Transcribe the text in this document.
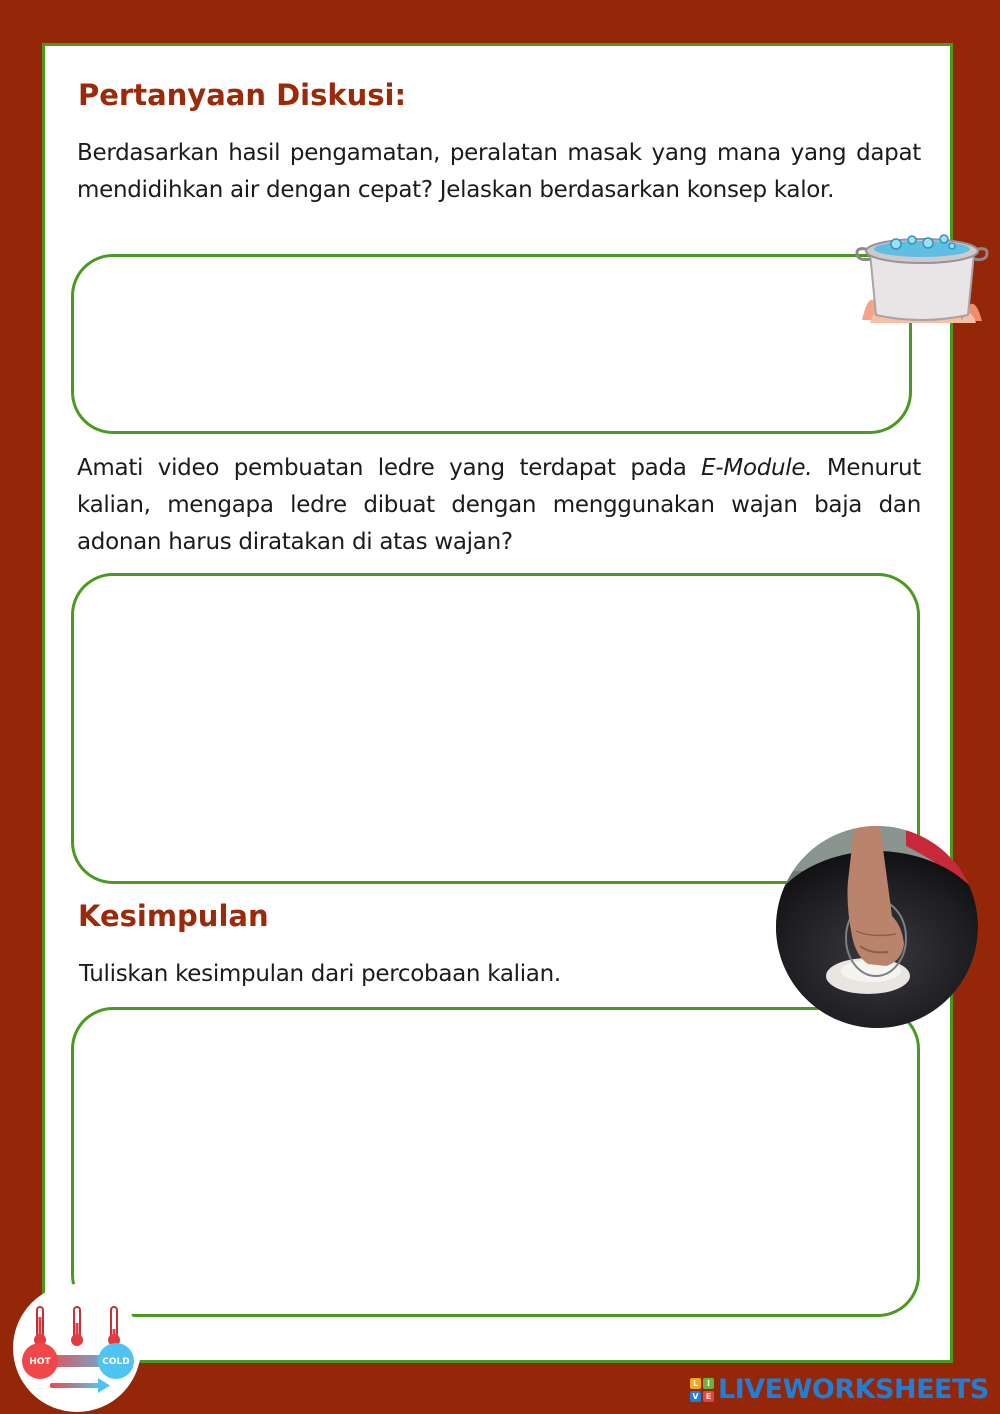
Pertanyaan Diskusi:

Berdasarkan hasil pengamatan, peralatan masak yang mana yang dapat mendidihkan air dengan cepat? Jelaskan berdasarkan konsep kalor.

Amati video pembuatan ledre yang terdapat pada E-Module. Menurut kalian, mengapa ledre dibuat dengan menggunakan wajan baja dan adonan harus diratakan di atas wajan?

Kesimpulan

Tuliskan kesimpulan dari percobaan kalian.

HOT	COLD
L	I
V E LIVEWORKSHEETS
